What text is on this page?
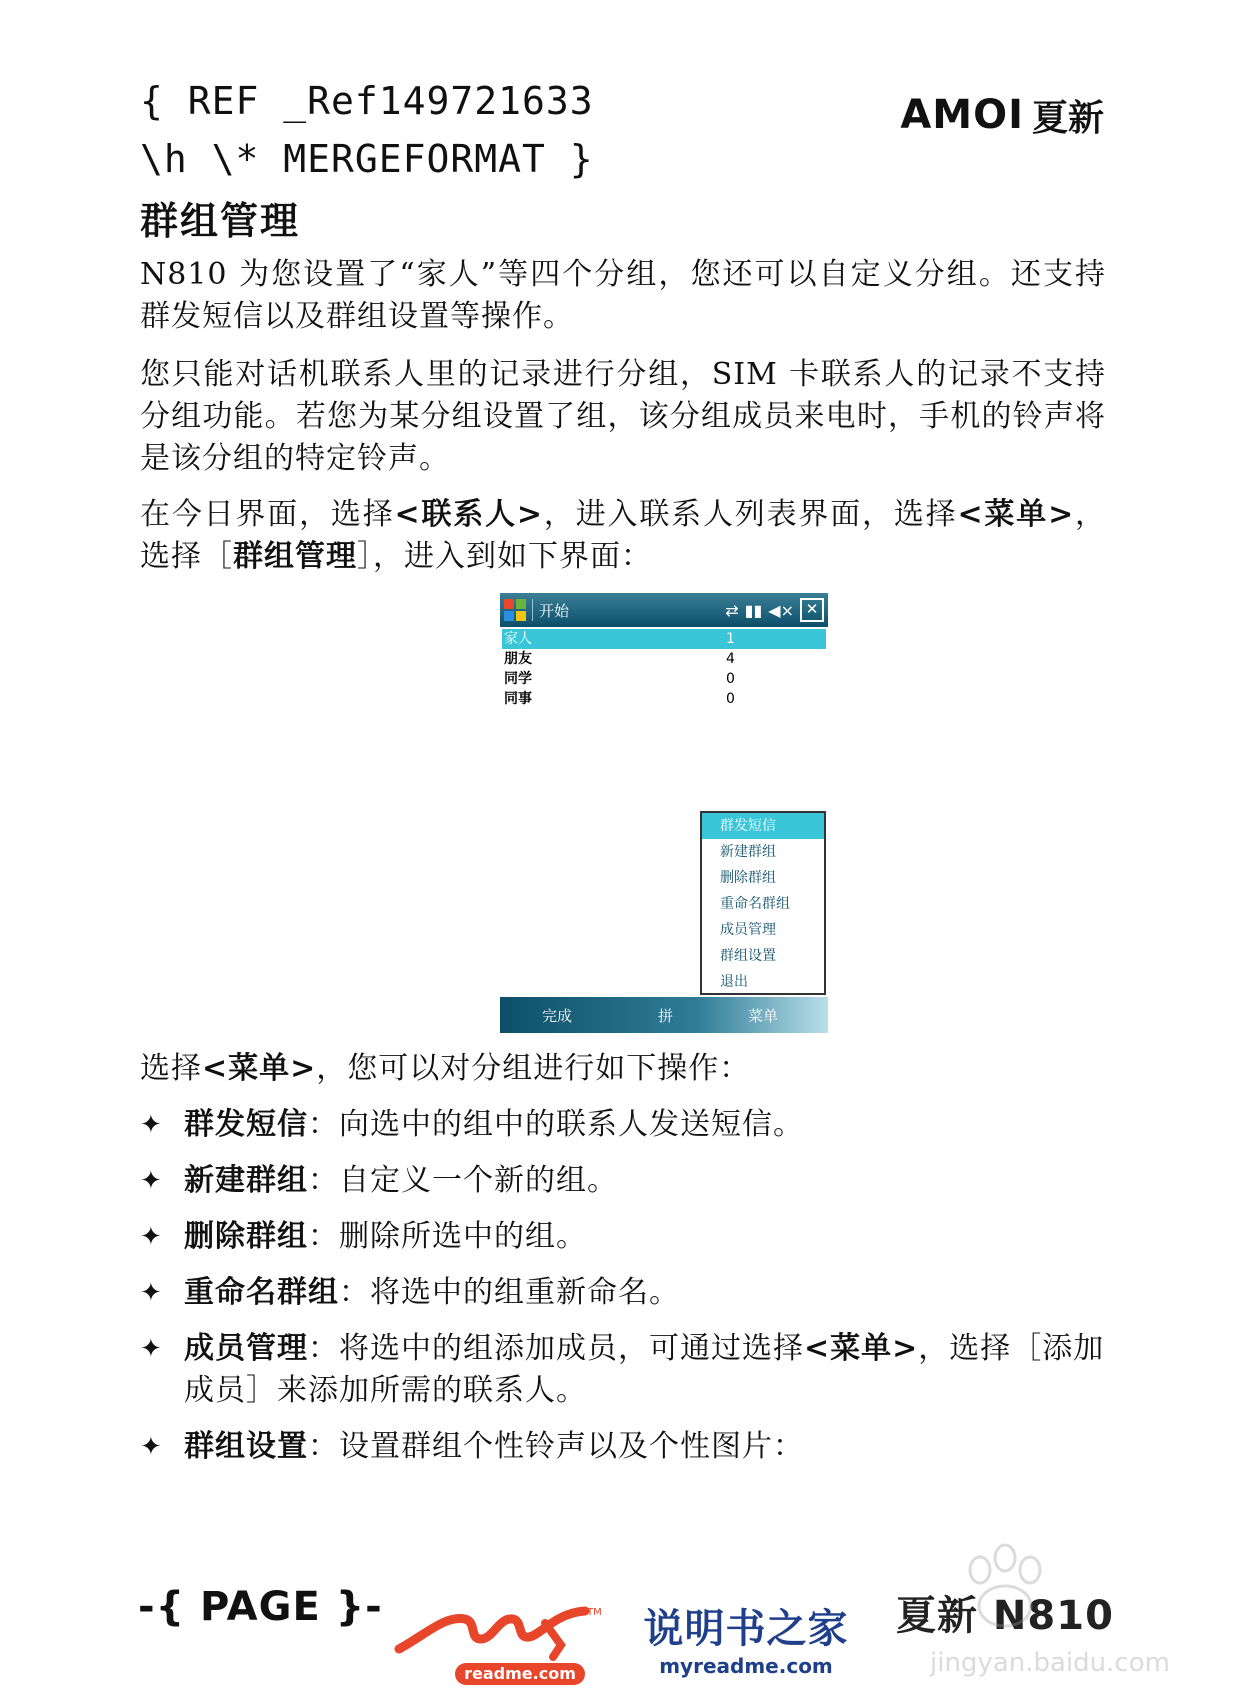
{ REF _Ref149721633 \h \* MERGEFORMAT }
AMOI 夏新
群组管理
N810 为您设置了“家人”等四个分组，您还可以自定义分组。还支持群发短信以及群组设置等操作。
您只能对话机联系人里的记录进行分组，SIM 卡联系人的记录不支持分组功能。若您为某分组设置了组，该分组成员来电时，手机的铃声将是该分组的特定铃声。
在今日界面，选择<联系人>，进入联系人列表界面，选择<菜单>，选择［群组管理］，进入到如下界面：
开始	⇄ ▮▮ ◀× ✕
家人	1
朋友	4
同学	0
同事	0
群发短信
新建群组
删除群组
重命名群组
成员管理
群组设置
退出
完成	拼	菜单
选择<菜单>，您可以对分组进行如下操作：
✦ 群发短信：向选中的组中的联系人发送短信。
✦ 新建群组：自定义一个新的组。
✦ 删除群组：删除所选中的组。
✦ 重命名群组：将选中的组重新命名。
✦ 成员管理：将选中的组添加成员，可通过选择<菜单>，选择［添加成员］来添加所需的联系人。
✦ 群组设置：设置群组个性铃声以及个性图片：
-{ PAGE }-	TM
readme.com
说明书之家
myreadme.com
夏新 N810
jingyan.baidu.com
